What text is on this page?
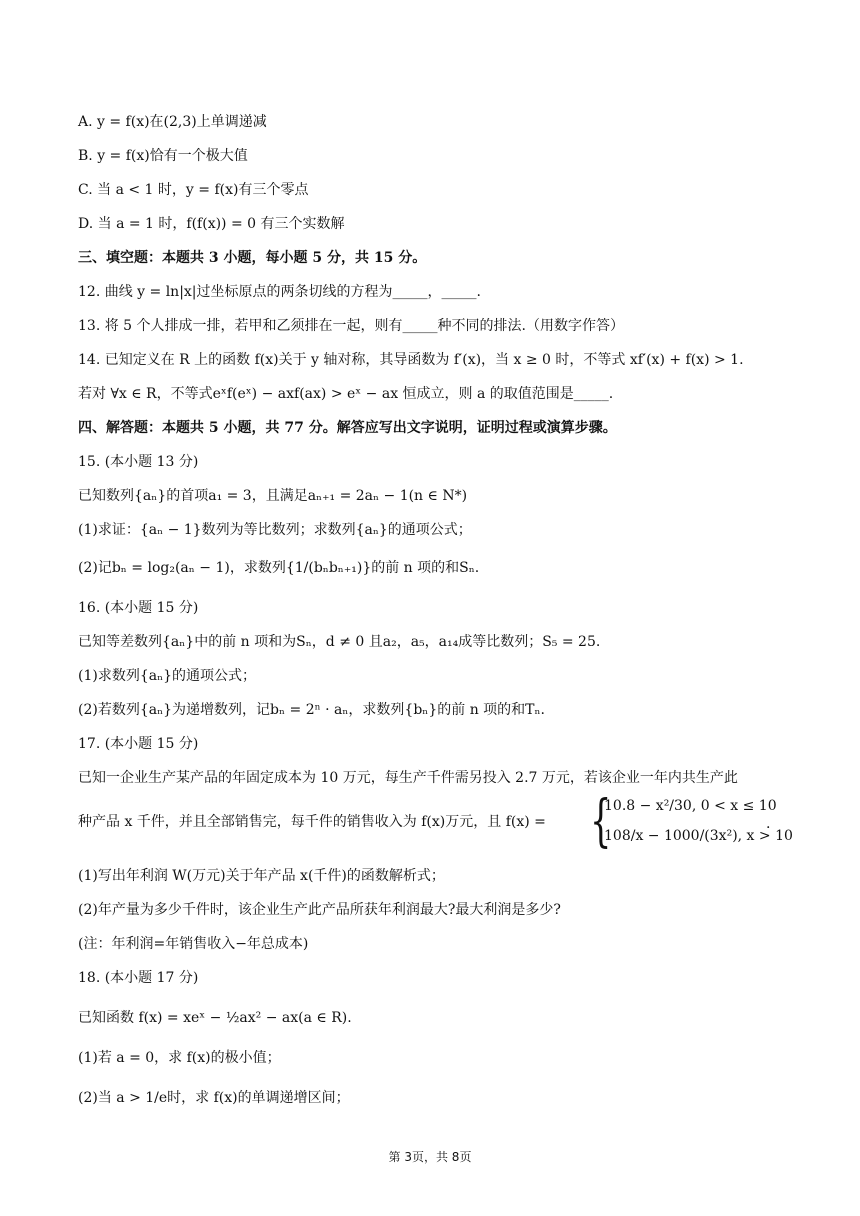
A. y = f(x)在(2,3)上单调递减
B. y = f(x)恰有一个极大值
C. 当 a < 1 时，y = f(x)有三个零点
D. 当 a = 1 时，f(f(x)) = 0 有三个实数解
三、填空题：本题共 3 小题，每小题 5 分，共 15 分。
12. 曲线 y = ln|x|过坐标原点的两条切线的方程为_____，_____.
13. 将 5 个人排成一排，若甲和乙须排在一起，则有_____种不同的排法.（用数字作答）
14. 已知定义在 R 上的函数 f(x)关于 y 轴对称，其导函数为 f′(x)，当 x ≥ 0 时，不等式 xf′(x) + f(x) > 1.
若对 ∀x ∈ R，不等式eˣf(eˣ) − axf(ax) > eˣ − ax 恒成立，则 a 的取值范围是_____.
四、解答题：本题共 5 小题，共 77 分。解答应写出文字说明，证明过程或演算步骤。
15. (本小题 13 分)
已知数列{aₙ}的首项a₁ = 3，且满足aₙ₊₁ = 2aₙ − 1(n ∈ N*)
(1)求证：{aₙ − 1}数列为等比数列；求数列{aₙ}的通项公式；
(2)记bₙ = log₂(aₙ − 1)，求数列{1/(bₙbₙ₊₁)}的前 n 项的和Sₙ.
16. (本小题 15 分)
已知等差数列{aₙ}中的前 n 项和为Sₙ，d ≠ 0 且a₂，a₅，a₁₄成等比数列；S₅ = 25.
(1)求数列{aₙ}的通项公式；
(2)若数列{aₙ}为递增数列，记bₙ = 2ⁿ · aₙ，求数列{bₙ}的前 n 项的和Tₙ.
17. (本小题 15 分)
已知一企业生产某产品的年固定成本为 10 万元，每生产千件需另投入 2.7 万元，若该企业一年内共生产此
种产品 x 千件，并且全部销售完，每千件的销售收入为 f(x)万元，且 f(x) = {
10.8 − x²/30, 0 < x ≤ 10
108/x − 1000/(3x²), x > 10
.
(1)写出年利润 W(万元)关于年产品 x(千件)的函数解析式；
(2)年产量为多少千件时，该企业生产此产品所获年利润最大?最大利润是多少?
(注：年利润=年销售收入−年总成本)
18. (本小题 17 分)
已知函数 f(x) = xeˣ − ½ax² − ax(a ∈ R).
(1)若 a = 0，求 f(x)的极小值；
(2)当 a > 1/e时，求 f(x)的单调递增区间；
第 3页，共 8页
